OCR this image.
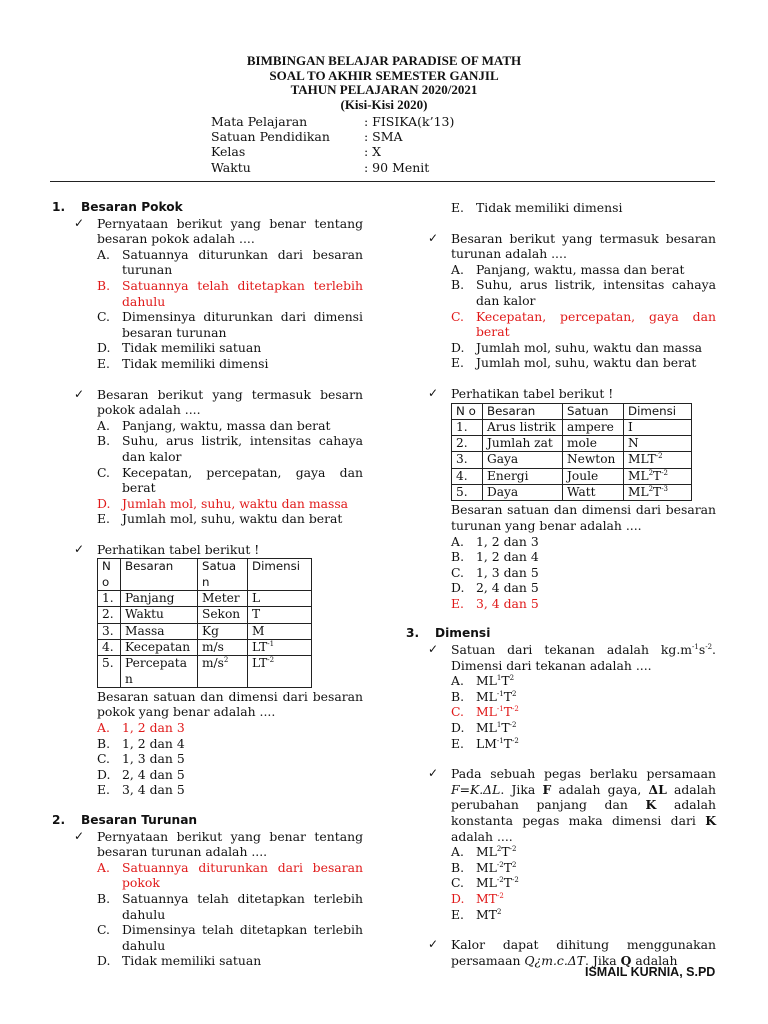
BIMBINGAN BELAJAR PARADISE OF MATH
SOAL TO AKHIR SEMESTER GANJIL
TAHUN PELAJARAN 2020/2021
(Kisi-Kisi 2020)
Mata Pelajaran	: FISIKA(k’13)
Satuan Pendidikan	: SMA
Kelas	: X
Waktu	: 90 Menit
1. Besaran Pokok
✓	Pernyataan berikut yang benar tentang besaran pokok adalah ....
A. Satuannya diturunkan dari besaran turunan
B. Satuannya telah ditetapkan terlebih dahulu
C. Dimensinya diturunkan dari dimensi besaran turunan
D. Tidak memiliki satuan
E. Tidak memiliki dimensi
✓	Besaran berikut yang termasuk besarn pokok adalah ....
A. Panjang, waktu, massa dan berat
B. Suhu, arus listrik, intensitas cahaya dan kalor
C. Kecepatan, percepatan, gaya dan berat
D. Jumlah mol, suhu, waktu dan massa
E. Jumlah mol, suhu, waktu dan berat
✓	Perhatikan tabel berikut !
N o	Besaran	Satua n	Dimensi
1.	Panjang	Meter	L
2.	Waktu	Sekon	T
3.	Massa	Kg	M
4.	Kecepatan	m/s	$LT^{-1}$
5.	Percepata n	$m/s^2$	$LT^{-2}$
Besaran satuan dan dimensi dari besaran pokok yang benar adalah ....
A. 1, 2 dan 3
B. 1, 2 dan 4
C. 1, 3 dan 5
D. 2, 4 dan 5
E. 3, 4 dan 5
2. Besaran Turunan
✓	Pernyataan berikut yang benar tentang besaran turunan adalah ....
A. Satuannya diturunkan dari besaran pokok
B. Satuannya telah ditetapkan terlebih dahulu
C. Dimensinya telah ditetapkan terlebih dahulu
D. Tidak memiliki satuan
E. Tidak memiliki dimensi
✓	Besaran berikut yang termasuk besaran turunan adalah ....
A. Panjang, waktu, massa dan berat
B. Suhu, arus listrik, intensitas cahaya dan kalor
C. Kecepatan, percepatan, gaya dan berat
D. Jumlah mol, suhu, waktu dan massa
E. Jumlah mol, suhu, waktu dan berat
✓	Perhatikan tabel berikut !
N o	Besaran	Satuan	Dimensi
1.	Arus listrik	ampere	I
2.	Jumlah zat	mole	N
3.	Gaya	Newton	$MLT^{-2}$
4.	Energi	Joule	$ML^2T^{-2}$
5.	Daya	Watt	$ML^2T^{-3}$
Besaran satuan dan dimensi dari besaran turunan yang benar adalah ....
A. 1, 2 dan 3
B. 1, 2 dan 4
C. 1, 3 dan 5
D. 2, 4 dan 5
E. 3, 4 dan 5
3. Dimensi
✓	Satuan dari tekanan adalah $kg.m^{-1}s^{-2}$. Dimensi dari tekanan adalah ....
A. $ML^1T^2$
B. $ML^{-1}T^2$
C. $ML^{-1}T^{-2}$
D. $ML^1T^{-2}$
E. $LM^{-1}T^{-2}$
✓	Pada sebuah pegas berlaku persamaan F=K.ΔL. Jika F adalah gaya, ΔL adalah perubahan panjang dan K adalah konstanta pegas maka dimensi dari K adalah ....
A. $ML^2T^{-2}$
B. $ML^{-2}T^2$
C. $ML^{-2}T^{-2}$
D. $MT^{-2}$
E. $MT^2$
✓	Kalor dapat dihitung menggunakan persamaan Q¿m.c.ΔT. Jika Q adalah
ISMAIL KURNIA, S.PD
